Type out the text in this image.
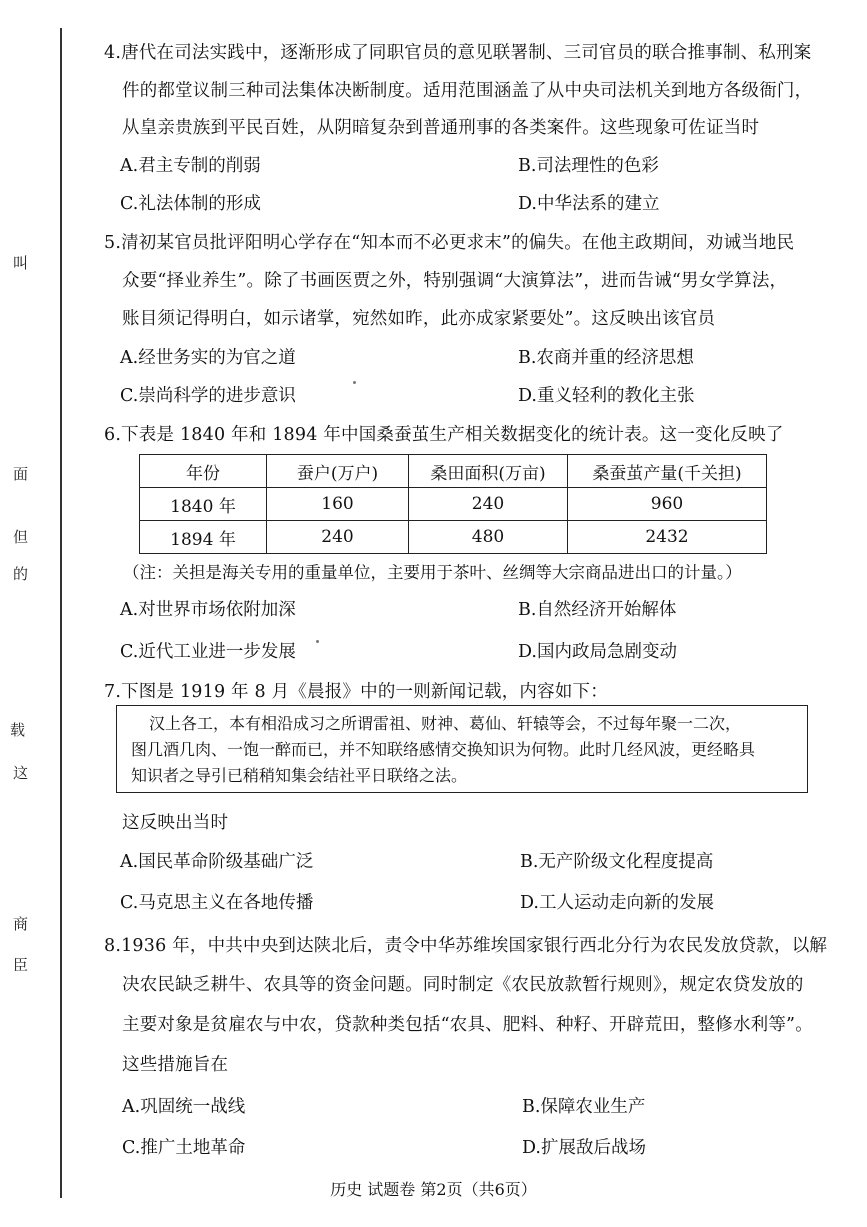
叫
面
但
的
载
这
商
臣
4.唐代在司法实践中，逐渐形成了同职官员的意见联署制、三司官员的联合推事制、私刑案
件的都堂议制三种司法集体决断制度。适用范围涵盖了从中央司法机关到地方各级衙门，
从皇亲贵族到平民百姓，从阴暗复杂到普通刑事的各类案件。这些现象可佐证当时
A.君主专制的削弱	B.司法理性的色彩
C.礼法体制的形成	D.中华法系的建立
5.清初某官员批评阳明心学存在“知本而不必更求末”的偏失。在他主政期间，劝诫当地民
众要“择业养生”。除了书画医贾之外，特别强调“大演算法”，进而告诫“男女学算法，
账目须记得明白，如示诸掌，宛然如昨，此亦成家紧要处”。这反映出该官员
A.经世务实的为官之道	B.农商并重的经济思想
C.崇尚科学的进步意识	D.重义轻利的教化主张
6.下表是 1840 年和 1894 年中国桑蚕茧生产相关数据变化的统计表。这一变化反映了
年份	蚕户(万户)	桑田面积(万亩)	桑蚕茧产量(千关担)
1840 年	160	240	960
1894 年	240	480	2432
（注：关担是海关专用的重量单位，主要用于茶叶、丝绸等大宗商品进出口的计量。）
A.对世界市场依附加深	B.自然经济开始解体
C.近代工业进一步发展	D.国内政局急剧变动
7.下图是 1919 年 8 月《晨报》中的一则新闻记载，内容如下：
汉上各工，本有相沿成习之所谓雷祖、财神、葛仙、轩辕等会，不过每年聚一二次，
图几酒几肉、一饱一醉而已，并不知联络感情交换知识为何物。此时几经风波，更经略具
知识者之导引已稍稍知集会结社平日联络之法。
这反映出当时
A.国民革命阶级基础广泛	B.无产阶级文化程度提高
C.马克思主义在各地传播	D.工人运动走向新的发展
8.1936 年，中共中央到达陕北后，责令中华苏维埃国家银行西北分行为农民发放贷款，以解
决农民缺乏耕牛、农具等的资金问题。同时制定《农民放款暂行规则》，规定农贷发放的
主要对象是贫雇农与中农，贷款种类包括“农具、肥料、种籽、开辟荒田，整修水利等”。
这些措施旨在
A.巩固统一战线	B.保障农业生产
C.推广土地革命	D.扩展敌后战场
历史 试题卷 第2页（共6页）
